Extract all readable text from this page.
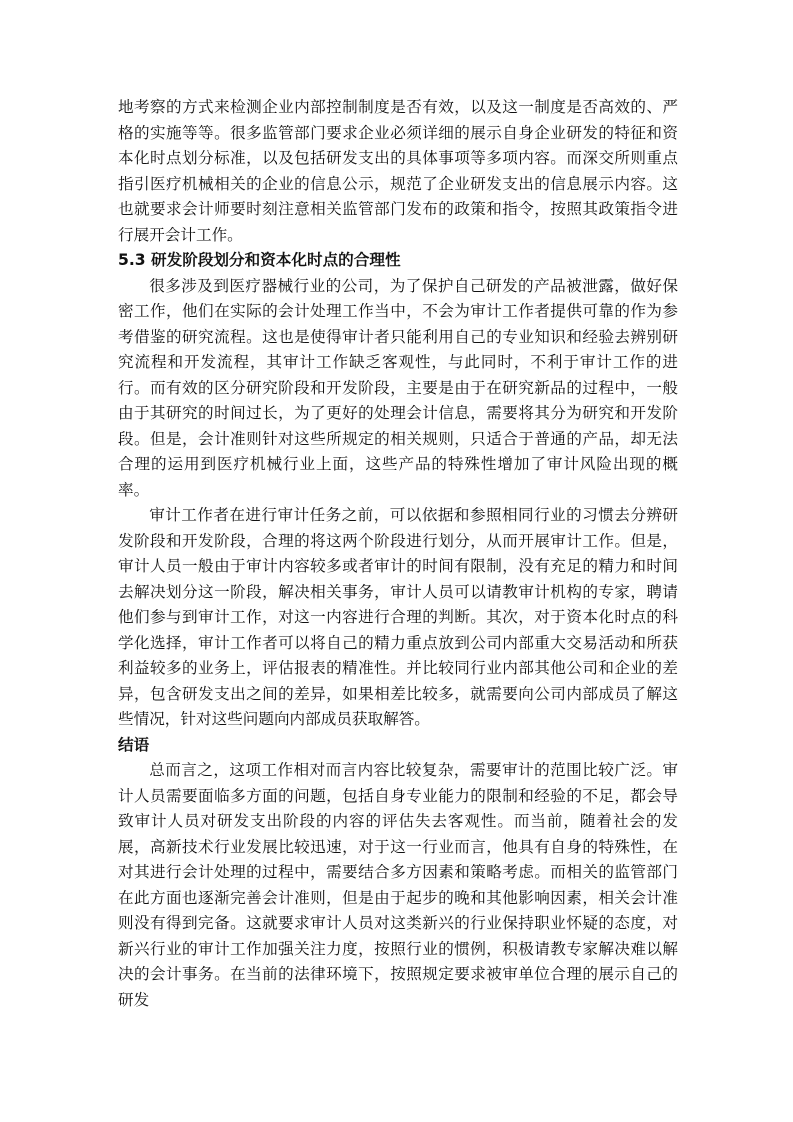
地考察的方式来检测企业内部控制制度是否有效，以及这一制度是否高效的、严格的实施等等。很多监管部门要求企业必须详细的展示自身企业研发的特征和资本化时点划分标准，以及包括研发支出的具体事项等多项内容。而深交所则重点指引医疗机械相关的企业的信息公示，规范了企业研发支出的信息展示内容。这也就要求会计师要时刻注意相关监管部门发布的政策和指令，按照其政策指令进行展开会计工作。

5.3 研发阶段划分和资本化时点的合理性

很多涉及到医疗器械行业的公司，为了保护自己研发的产品被泄露，做好保密工作，他们在实际的会计处理工作当中，不会为审计工作者提供可靠的作为参考借鉴的研究流程。这也是使得审计者只能利用自己的专业知识和经验去辨别研究流程和开发流程，其审计工作缺乏客观性，与此同时，不利于审计工作的进行。而有效的区分研究阶段和开发阶段，主要是由于在研究新品的过程中，一般由于其研究的时间过长，为了更好的处理会计信息，需要将其分为研究和开发阶段。但是，会计准则针对这些所规定的相关规则，只适合于普通的产品，却无法合理的运用到医疗机械行业上面，这些产品的特殊性增加了审计风险出现的概率。

审计工作者在进行审计任务之前，可以依据和参照相同行业的习惯去分辨研发阶段和开发阶段，合理的将这两个阶段进行划分，从而开展审计工作。但是，审计人员一般由于审计内容较多或者审计的时间有限制，没有充足的精力和时间去解决划分这一阶段，解决相关事务，审计人员可以请教审计机构的专家，聘请他们参与到审计工作，对这一内容进行合理的判断。其次，对于资本化时点的科学化选择，审计工作者可以将自己的精力重点放到公司内部重大交易活动和所获利益较多的业务上，评估报表的精准性。并比较同行业内部其他公司和企业的差异，包含研发支出之间的差异，如果相差比较多，就需要向公司内部成员了解这些情况，针对这些问题向内部成员获取解答。

结语

总而言之，这项工作相对而言内容比较复杂，需要审计的范围比较广泛。审计人员需要面临多方面的问题，包括自身专业能力的限制和经验的不足，都会导致审计人员对研发支出阶段的内容的评估失去客观性。而当前，随着社会的发展，高新技术行业发展比较迅速，对于这一行业而言，他具有自身的特殊性，在对其进行会计处理的过程中，需要结合多方因素和策略考虑。而相关的监管部门在此方面也逐渐完善会计准则，但是由于起步的晚和其他影响因素，相关会计准则没有得到完备。这就要求审计人员对这类新兴的行业保持职业怀疑的态度，对新兴行业的审计工作加强关注力度，按照行业的惯例，积极请教专家解决难以解决的会计事务。在当前的法律环境下，按照规定要求被审单位合理的展示自己的研发
